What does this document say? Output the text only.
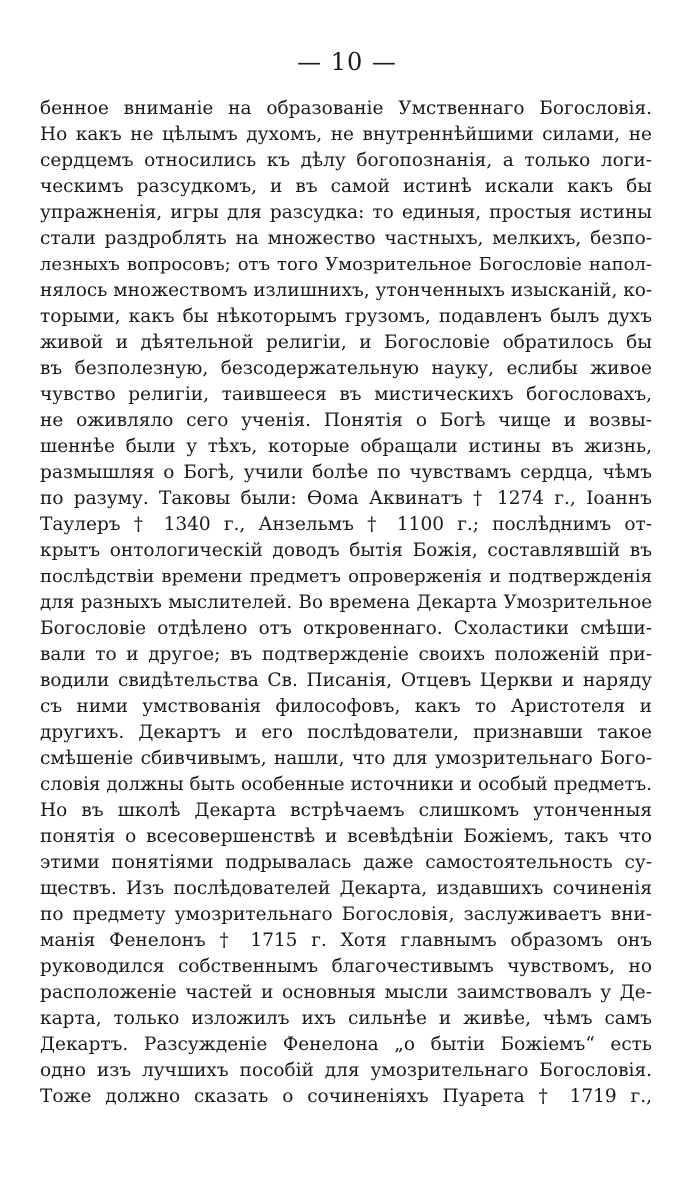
— 10 —
бенное вниманіе на образованіе Умственнаго Богословія.
Но какъ не цѣлымъ духомъ, не внутреннѣйшими силами, не
сердцемъ относились къ дѣлу богопознанія, а только логи-
ческимъ разсудкомъ, и въ самой истинѣ искали какъ бы
упражненія, игры для разсудка: то единыя, простыя истины
стали раздроблять на множество частныхъ, мелкихъ, безпо-
лезныхъ вопросовъ; отъ того Умозрительное Богословіе напол-
нялось множествомъ излишнихъ, утонченныхъ изысканій, ко-
торыми, какъ бы нѣкоторымъ грузомъ, подавленъ былъ духъ
живой и дѣятельной религіи, и Богословіе обратилось бы
въ безполезную, безсодержательную науку, еслибы живое
чувство религіи, таившееся въ мистическихъ богословахъ,
не оживляло сего ученія. Понятія о Богѣ чище и возвы-
шеннѣе были у тѣхъ, которые обращали истины въ жизнь,
размышляя о Богѣ, учили болѣе по чувствамъ сердца, чѣмъ
по разуму. Таковы были: Ѳома Аквинатъ † 1274 г., Іоаннъ
Таулеръ † 1340 г., Анзельмъ † 1100 г.; послѣднимъ от-
крытъ онтологическій доводъ бытія Божія, составлявшій въ
послѣдствіи времени предметъ опроверженія и подтвержденія
для разныхъ мыслителей. Во времена Декарта Умозрительное
Богословіе отдѣлено отъ откровеннаго. Схоластики смѣши-
вали то и другое; въ подтвержденіе своихъ положеній при-
водили свидѣтельства Св. Писанія, Отцевъ Церкви и наряду
съ ними умствованія философовъ, какъ то Аристотеля и
другихъ. Декартъ и его послѣдователи, признавши такое
смѣшеніе сбивчивымъ, нашли, что для умозрительнаго Бого-
словія должны быть особенные источники и особый предметъ.
Но въ школѣ Декарта встрѣчаемъ слишкомъ утонченныя
понятія о всесовершенствѣ и всевѣдѣніи Божіемъ, такъ что
этими понятіями подрывалась даже самостоятельность су-
ществъ. Изъ послѣдователей Декарта, издавшихъ сочиненія
по предмету умозрительнаго Богословія, заслуживаетъ вни-
манія Фенелонъ † 1715 г. Хотя главнымъ образомъ онъ
руководился собственнымъ благочестивымъ чувствомъ, но
расположеніе частей и основныя мысли заимствовалъ у Де-
карта, только изложилъ ихъ сильнѣе и живѣе, чѣмъ самъ
Декартъ. Разсужденіе Фенелона „о бытіи Божіемъ“ есть
одно изъ лучшихъ пособій для умозрительнаго Богословія.
Тоже должно сказать о сочиненіяхъ Пуарета † 1719 г.,
